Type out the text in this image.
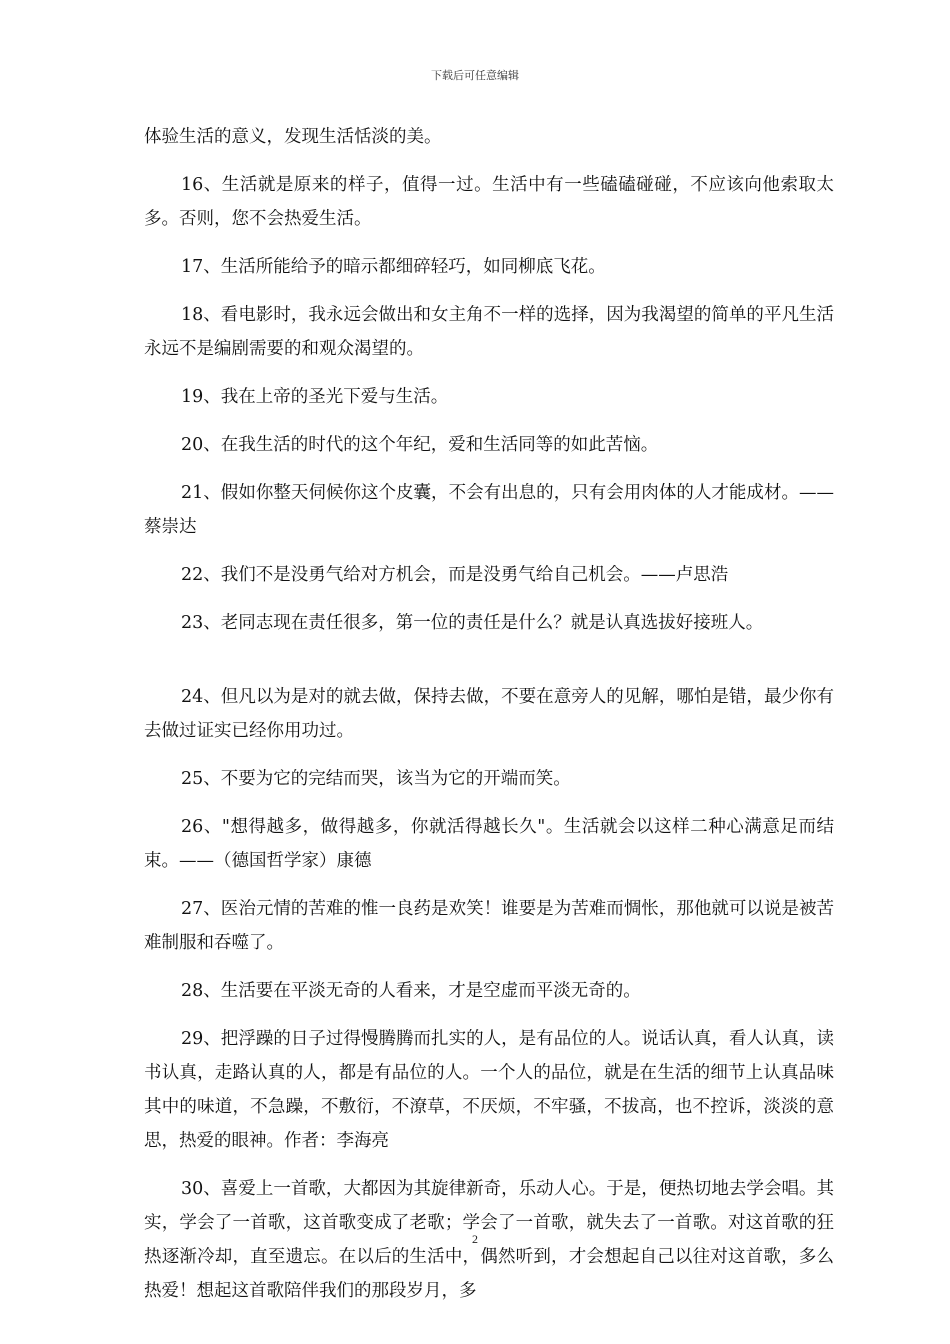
下载后可任意编辑

体验生活的意义，发现生活恬淡的美。

16、生活就是原来的样子，值得一过。生活中有一些磕磕碰碰，不应该向他索取太多。否则，您不会热爱生活。

17、生活所能给予的暗示都细碎轻巧，如同柳底飞花。

18、看电影时，我永远会做出和女主角不一样的选择，因为我渴望的简单的平凡生活永远不是编剧需要的和观众渴望的。

19、我在上帝的圣光下爱与生活。

20、在我生活的时代的这个年纪，爱和生活同等的如此苦恼。

21、假如你整天伺候你这个皮囊，不会有出息的，只有会用肉体的人才能成材。——蔡崇达

22、我们不是没勇气给对方机会，而是没勇气给自己机会。——卢思浩

23、老同志现在责任很多，第一位的责任是什么？就是认真选拔好接班人。

24、但凡以为是对的就去做，保持去做，不要在意旁人的见解，哪怕是错，最少你有去做过证实已经你用功过。

25、不要为它的完结而哭，该当为它的开端而笑。

26、"想得越多，做得越多，你就活得越长久"。生活就会以这样二种心满意足而结束。——（德国哲学家）康德

27、医治元情的苦难的惟一良药是欢笑！谁要是为苦难而惆怅，那他就可以说是被苦难制服和吞噬了。

28、生活要在平淡无奇的人看来，才是空虚而平淡无奇的。

29、把浮躁的日子过得慢腾腾而扎实的人，是有品位的人。说话认真，看人认真，读书认真，走路认真的人，都是有品位的人。一个人的品位，就是在生活的细节上认真品味其中的味道，不急躁，不敷衍，不潦草，不厌烦，不牢骚，不拔高，也不控诉，淡淡的意思，热爱的眼神。作者：李海亮

30、喜爱上一首歌，大都因为其旋律新奇，乐动人心。于是，便热切地去学会唱。其实，学会了一首歌，这首歌变成了老歌；学会了一首歌，就失去了一首歌。对这首歌的狂热逐渐冷却，直至遗忘。在以后的生活中，偶然听到，才会想起自己以往对这首歌，多么热爱！想起这首歌陪伴我们的那段岁月，多

2
